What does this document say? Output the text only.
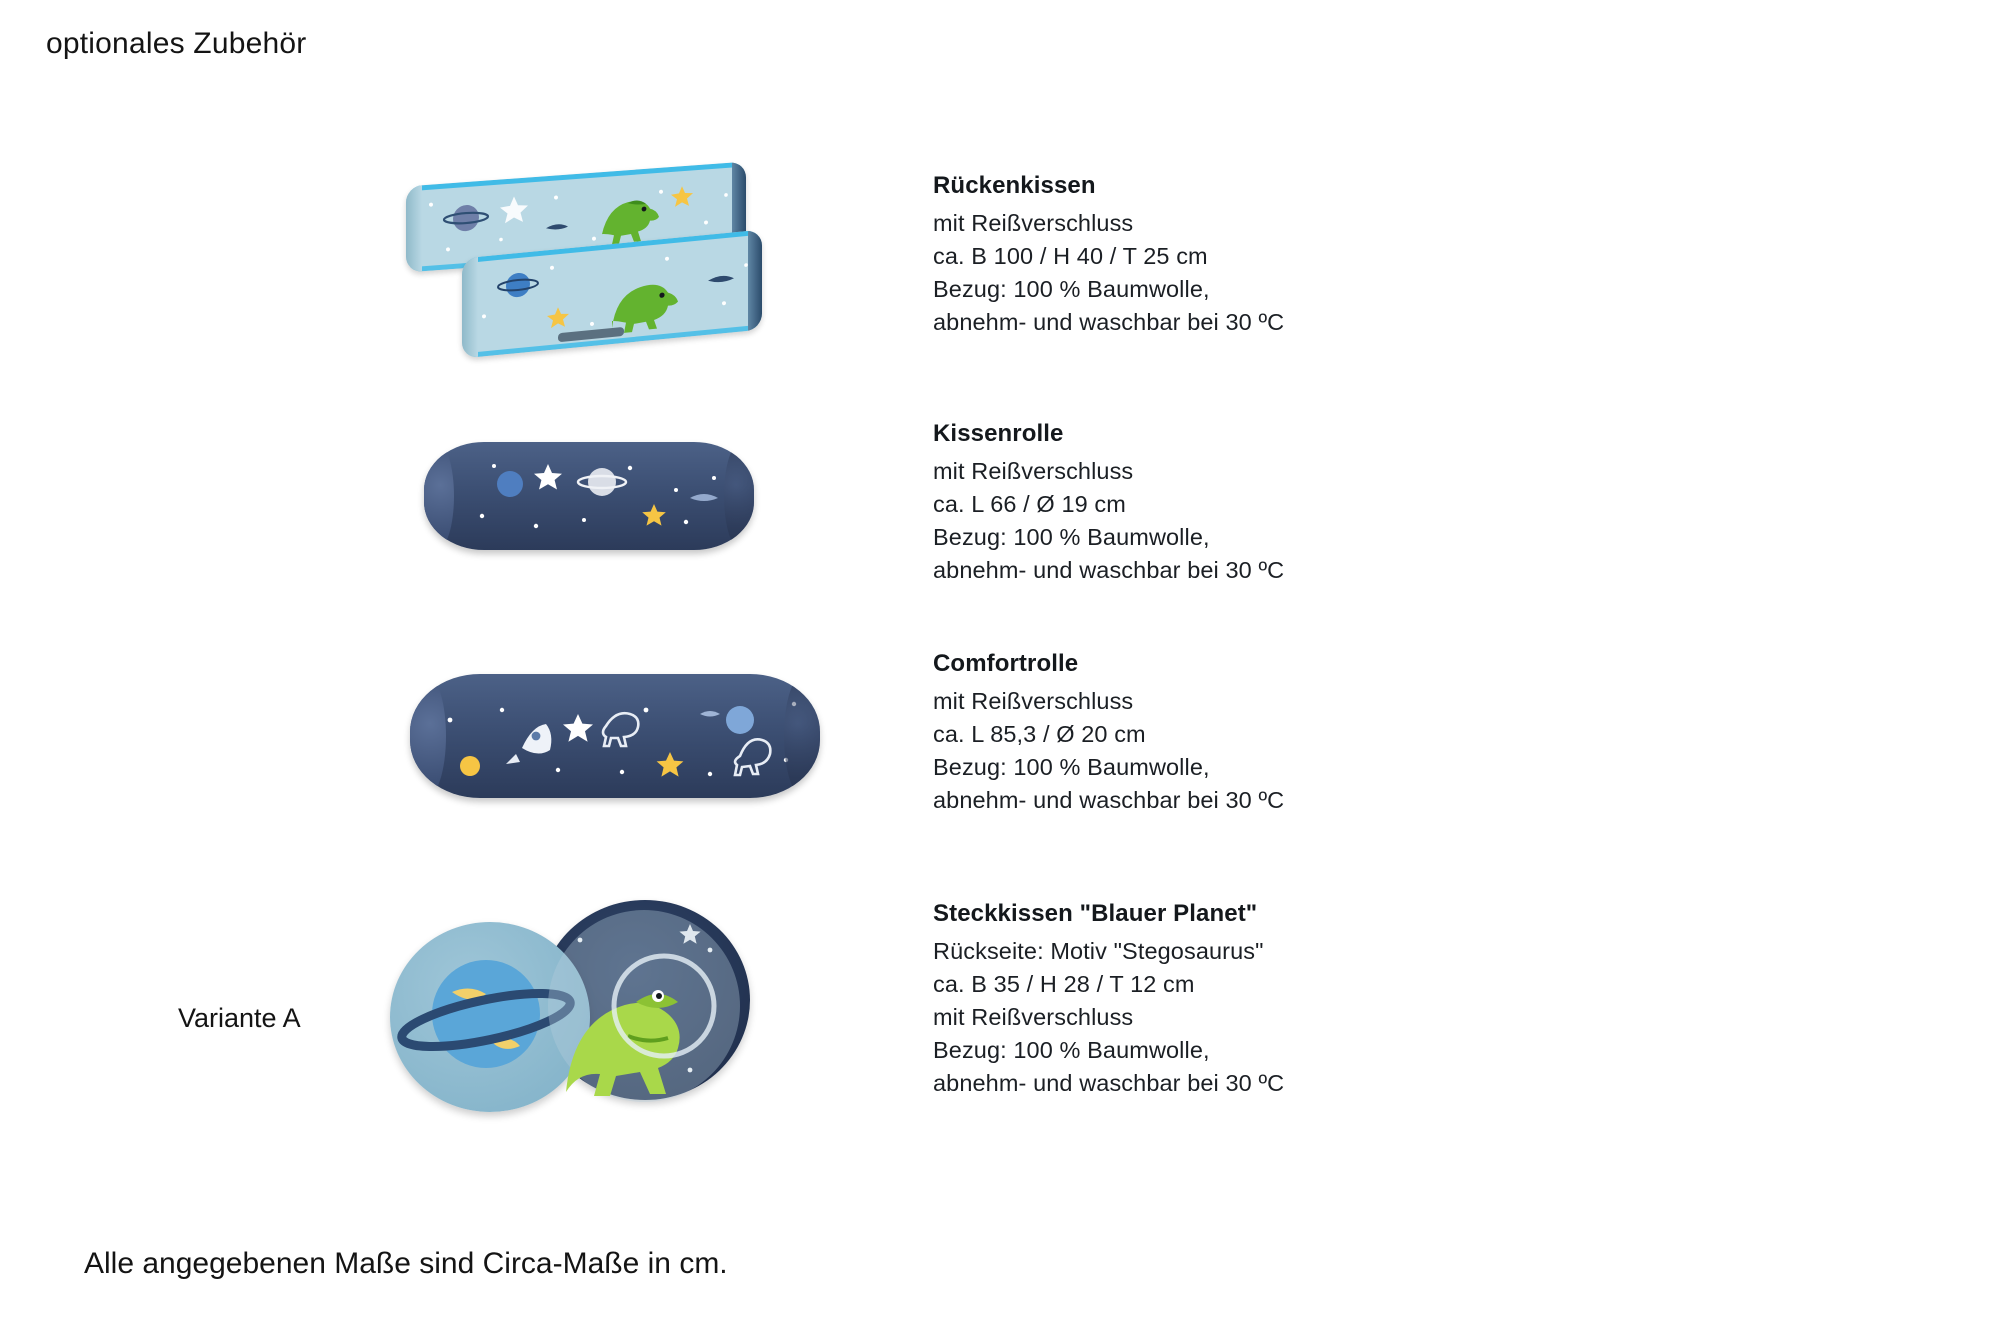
optionales Zubehör
Rückenkissen
mit Reißverschluss
ca. B 100 / H 40 / T 25 cm
Bezug: 100 % Baumwolle,
abnehm- und waschbar bei 30 ºC
Kissenrolle
mit Reißverschluss
ca. L 66 / Ø 19 cm
Bezug: 100 % Baumwolle,
abnehm- und waschbar bei 30 ºC
Comfortrolle
mit Reißverschluss
ca. L 85,3 / Ø 20 cm
Bezug: 100 % Baumwolle,
abnehm- und waschbar bei 30 ºC
Steckkissen "Blauer Planet"
Rückseite: Motiv "Stegosaurus"
ca. B 35 / H 28 / T 12 cm
mit Reißverschluss
Bezug: 100 % Baumwolle,
abnehm- und waschbar bei 30 ºC
Variante A
Alle angegebenen Maße sind Circa-Maße in cm.
